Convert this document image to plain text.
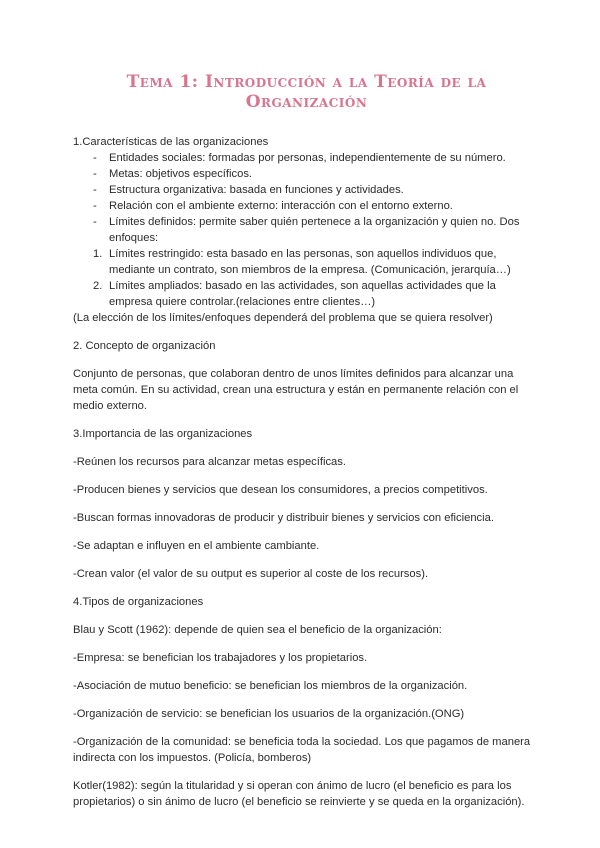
Tema 1: Introducción a la Teoría de la Organización

1.Características de las organizaciones

- Entidades sociales: formadas por personas, independientemente de su número.
- Metas: objetivos específicos.
- Estructura organizativa: basada en funciones y actividades.
- Relación con el ambiente externo: interacción con el entorno externo.
- Límites definidos: permite saber quién pertenece a la organización y quien no. Dos enfoques:
1. Límites restringido: esta basado en las personas, son aquellos individuos que, mediante un contrato, son miembros de la empresa. (Comunicación, jerarquía…)
2. Límites ampliados: basado en las actividades, son aquellas actividades que la empresa quiere controlar.(relaciones entre clientes…)

(La elección de los límites/enfoques dependerá del problema que se quiera resolver)

2. Concepto de organización

Conjunto de personas, que colaboran dentro de unos límites definidos para alcanzar una meta común. En su actividad, crean una estructura y están en permanente relación con el medio externo.

3.Importancia de las organizaciones

-Reúnen los recursos para alcanzar metas específicas.

-Producen bienes y servicios que desean los consumidores, a precios competitivos.

-Buscan formas innovadoras de producir y distribuir bienes y servicios con eficiencia.

-Se adaptan e influyen en el ambiente cambiante.

-Crean valor (el valor de su output es superior al coste de los recursos).

4.Tipos de organizaciones

Blau y Scott (1962): depende de quien sea el beneficio de la organización:

-Empresa: se benefician los trabajadores y los propietarios.

-Asociación de mutuo beneficio: se benefician los miembros de la organización.

-Organización de servicio: se benefician los usuarios de la organización.(ONG)

-Organización de la comunidad: se beneficia toda la sociedad. Los que pagamos de manera indirecta con los impuestos. (Policía, bomberos)

Kotler(1982): según la titularidad y si operan con ánimo de lucro (el beneficio es para los propietarios) o sin ánimo de lucro (el beneficio se reinvierte y se queda en la organización).
